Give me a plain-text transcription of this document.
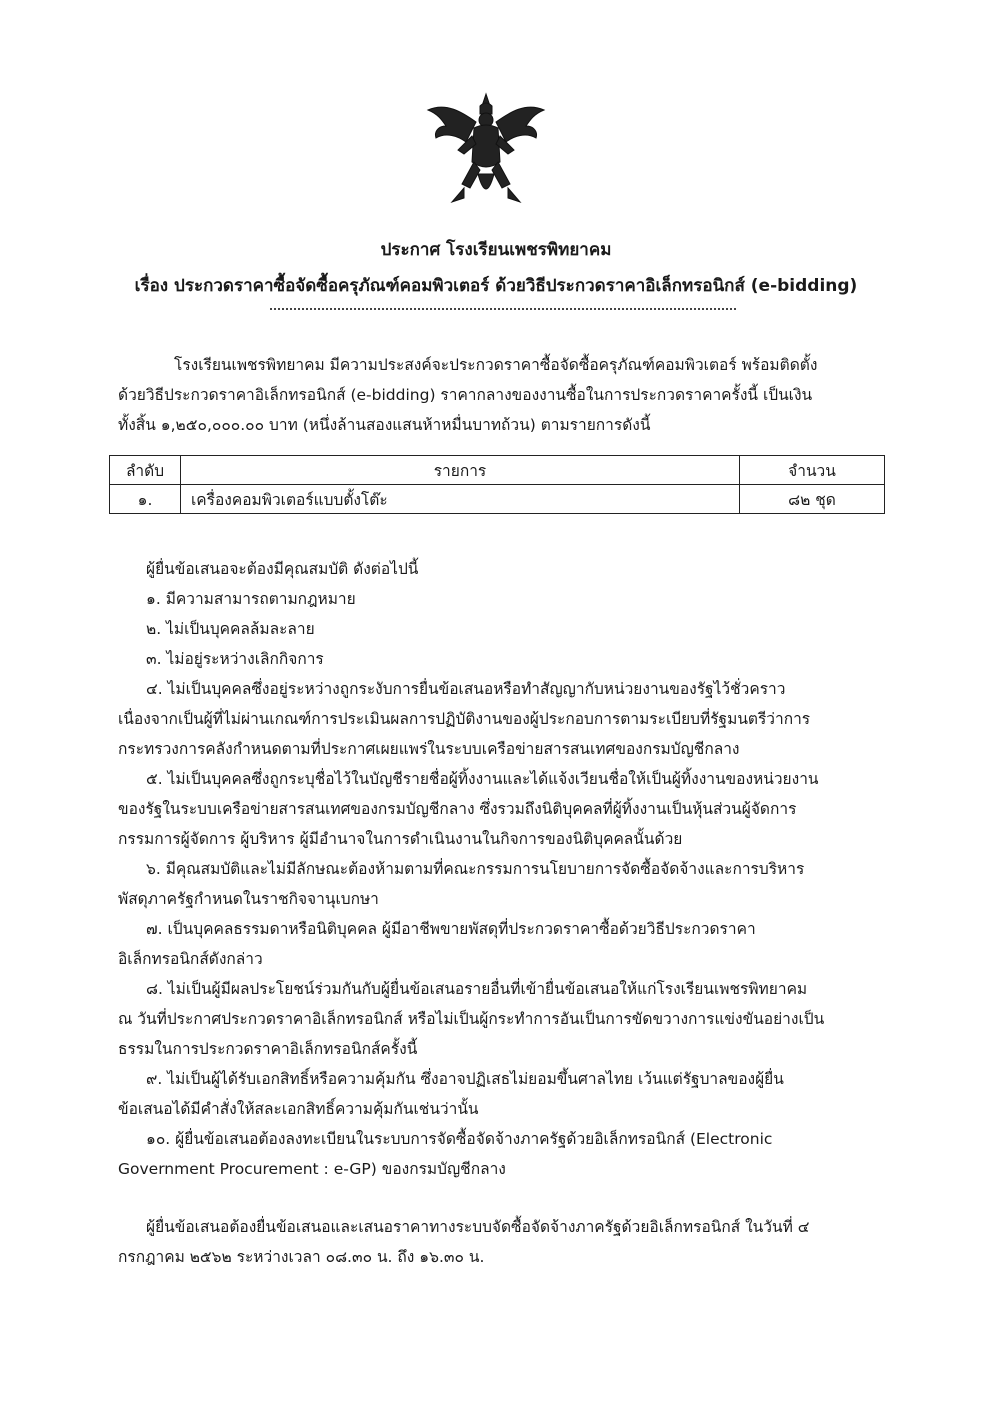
ประกาศ โรงเรียนเพชรพิทยาคม
เรื่อง ประกวดราคาซื้อจัดซื้อครุภัณฑ์คอมพิวเตอร์ ด้วยวิธีประกวดราคาอิเล็กทรอนิกส์ (e-bidding)
โรงเรียนเพชรพิทยาคม มีความประสงค์จะประกวดราคาซื้อจัดซื้อครุภัณฑ์คอมพิวเตอร์ พร้อมติดตั้ง
ด้วยวิธีประกวดราคาอิเล็กทรอนิกส์ (e-bidding) ราคากลางของงานซื้อในการประกวดราคาครั้งนี้ เป็นเงิน
ทั้งสิ้น ๑,๒๕๐,๐๐๐.๐๐ บาท (หนึ่งล้านสองแสนห้าหมื่นบาทถ้วน) ตามรายการดังนี้
ลำดับ	รายการ	จำนวน
๑.	เครื่องคอมพิวเตอร์แบบตั้งโต๊ะ	๘๒ ชุด
ผู้ยื่นข้อเสนอจะต้องมีคุณสมบัติ ดังต่อไปนี้
๑. มีความสามารถตามกฎหมาย
๒. ไม่เป็นบุคคลล้มละลาย
๓. ไม่อยู่ระหว่างเลิกกิจการ
๔. ไม่เป็นบุคคลซึ่งอยู่ระหว่างถูกระงับการยื่นข้อเสนอหรือทำสัญญากับหน่วยงานของรัฐไว้ชั่วคราว
เนื่องจากเป็นผู้ที่ไม่ผ่านเกณฑ์การประเมินผลการปฏิบัติงานของผู้ประกอบการตามระเบียบที่รัฐมนตรีว่าการ
กระทรวงการคลังกำหนดตามที่ประกาศเผยแพร่ในระบบเครือข่ายสารสนเทศของกรมบัญชีกลาง
๕. ไม่เป็นบุคคลซึ่งถูกระบุชื่อไว้ในบัญชีรายชื่อผู้ทิ้งงานและได้แจ้งเวียนชื่อให้เป็นผู้ทิ้งงานของหน่วยงาน
ของรัฐในระบบเครือข่ายสารสนเทศของกรมบัญชีกลาง ซึ่งรวมถึงนิติบุคคลที่ผู้ทิ้งงานเป็นหุ้นส่วนผู้จัดการ
กรรมการผู้จัดการ ผู้บริหาร ผู้มีอำนาจในการดำเนินงานในกิจการของนิติบุคคลนั้นด้วย
๖. มีคุณสมบัติและไม่มีลักษณะต้องห้ามตามที่คณะกรรมการนโยบายการจัดซื้อจัดจ้างและการบริหาร
พัสดุภาครัฐกำหนดในราชกิจจานุเบกษา
๗. เป็นบุคคลธรรมดาหรือนิติบุคคล ผู้มีอาชีพขายพัสดุที่ประกวดราคาซื้อด้วยวิธีประกวดราคา
อิเล็กทรอนิกส์ดังกล่าว
๘. ไม่เป็นผู้มีผลประโยชน์ร่วมกันกับผู้ยื่นข้อเสนอรายอื่นที่เข้ายื่นข้อเสนอให้แก่โรงเรียนเพชรพิทยาคม
ณ วันที่ประกาศประกวดราคาอิเล็กทรอนิกส์ หรือไม่เป็นผู้กระทำการอันเป็นการขัดขวางการแข่งขันอย่างเป็น
ธรรมในการประกวดราคาอิเล็กทรอนิกส์ครั้งนี้
๙. ไม่เป็นผู้ได้รับเอกสิทธิ์หรือความคุ้มกัน ซึ่งอาจปฏิเสธไม่ยอมขึ้นศาลไทย เว้นแต่รัฐบาลของผู้ยื่น
ข้อเสนอได้มีคำสั่งให้สละเอกสิทธิ์ความคุ้มกันเช่นว่านั้น
๑๐. ผู้ยื่นข้อเสนอต้องลงทะเบียนในระบบการจัดซื้อจัดจ้างภาครัฐด้วยอิเล็กทรอนิกส์ (Electronic
Government Procurement : e-GP) ของกรมบัญชีกลาง
ผู้ยื่นข้อเสนอต้องยื่นข้อเสนอและเสนอราคาทางระบบจัดซื้อจัดจ้างภาครัฐด้วยอิเล็กทรอนิกส์ ในวันที่ ๔
กรกฎาคม ๒๕๖๒ ระหว่างเวลา ๐๘.๓๐ น. ถึง ๑๖.๓๐ น.
